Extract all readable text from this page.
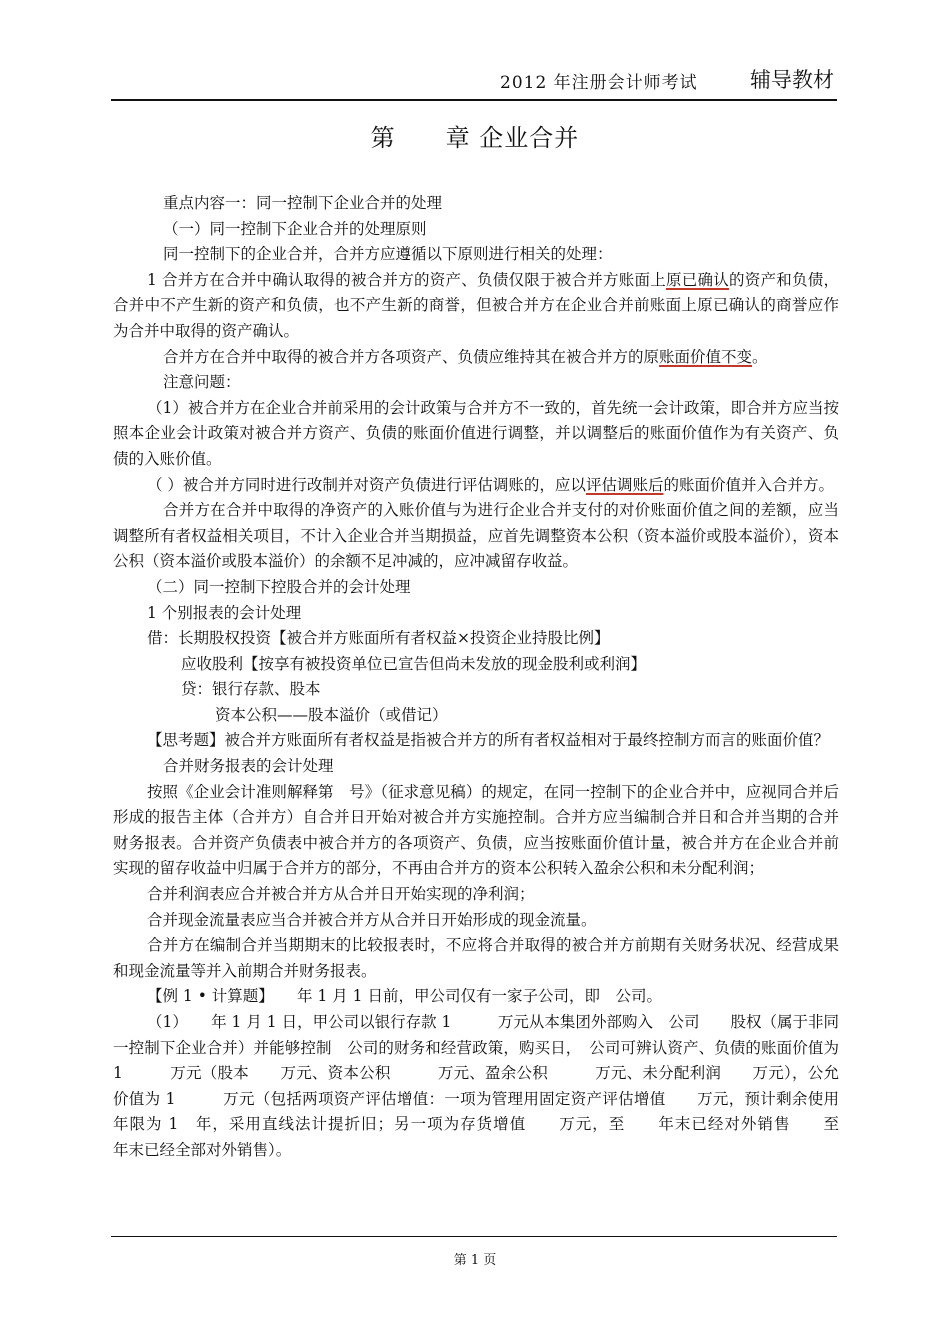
2012 年注册会计师考试 辅导教材
第　　章 企业合并

重点内容一：同一控制下企业合并的处理

（一）同一控制下企业合并的处理原则

同一控制下的企业合并，合并方应遵循以下原则进行相关的处理：

1 合并方在合并中确认取得的被合并方的资产、负债仅限于被合并方账面上原已确认的资产和负债，合并中不产生新的资产和负债，也不产生新的商誉，但被合并方在企业合并前账面上原已确认的商誉应作为合并中取得的资产确认。

合并方在合并中取得的被合并方各项资产、负债应维持其在被合并方的原账面价值不变。

注意问题：

（1）被合并方在企业合并前采用的会计政策与合并方不一致的，首先统一会计政策，即合并方应当按照本企业会计政策对被合并方资产、负债的账面价值进行调整，并以调整后的账面价值作为有关资产、负债的入账价值。

（ ）被合并方同时进行改制并对资产负债进行评估调账的，应以评估调账后的账面价值并入合并方。

合并方在合并中取得的净资产的入账价值与为进行企业合并支付的对价账面价值之间的差额，应当调整所有者权益相关项目，不计入企业合并当期损益，应首先调整资本公积（资本溢价或股本溢价），资本公积（资本溢价或股本溢价）的余额不足冲减的，应冲减留存收益。

（二）同一控制下控股合并的会计处理

1 个别报表的会计处理

借：长期股权投资【被合并方账面所有者权益×投资企业持股比例】

应收股利【按享有被投资单位已宣告但尚未发放的现金股利或利润】

贷：银行存款、股本

资本公积——股本溢价（或借记）

【思考题】被合并方账面所有者权益是指被合并方的所有者权益相对于最终控制方而言的账面价值？

合并财务报表的会计处理

按照《企业会计准则解释第　号》（征求意见稿）的规定，在同一控制下的企业合并中，应视同合并后形成的报告主体（合并方）自合并日开始对被合并方实施控制。合并方应当编制合并日和合并当期的合并财务报表。合并资产负债表中被合并方的各项资产、负债，应当按账面价值计量，被合并方在企业合并前实现的留存收益中归属于合并方的部分，不再由合并方的资本公积转入盈余公积和未分配利润；

合并利润表应合并被合并方从合并日开始实现的净利润；

合并现金流量表应当合并被合并方从合并日开始形成的现金流量。

合并方在编制合并当期期末的比较报表时，不应将合并取得的被合并方前期有关财务状况、经营成果和现金流量等并入前期合并财务报表。

【例 1 • 计算题】　　年 1 月 1 日前，甲公司仅有一家子公司，即　公司。

（1）　　年 1 月 1 日，甲公司以银行存款 1　　　万元从本集团外部购入　公司　　股权（属于非同一控制下企业合并）并能够控制　公司的财务和经营政策，购买日，　公司可辨认资产、负债的账面价值为 1　　　万元（股本　　万元、资本公积　　　万元、盈余公积　　　万元、未分配利润　　万元），公允价值为 1　　　万元（包括两项资产评估增值：一项为管理用固定资产评估增值　　万元，预计剩余使用年限为 1　年，采用直线法计提折旧；另一项为存货增值　　万元，至　　年末已经对外销售　　至　　年末已经全部对外销售）。

第 1 页
